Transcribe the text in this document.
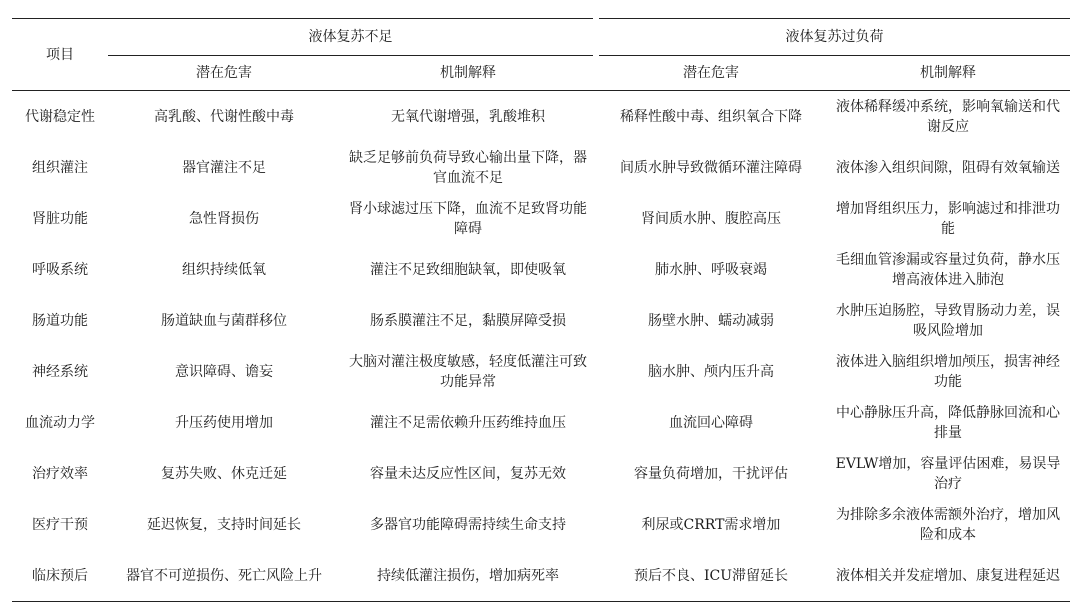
项目	液体复苏不足		液体复苏过负荷	
	潜在危害	机制解释	潜在危害	机制解释
代谢稳定性	高乳酸、代谢性酸中毒	无氧代谢增强，乳酸堆积	稀释性酸中毒、组织氧合下降	液体稀释缓冲系统，影响氧输送和代谢反应
组织灌注	器官灌注不足	缺乏足够前负荷导致心输出量下降，器官血流不足	间质水肿导致微循环灌注障碍	液体渗入组织间隙，阻碍有效氧输送
肾脏功能	急性肾损伤	肾小球滤过压下降，血流不足致肾功能障碍	肾间质水肿、腹腔高压	增加肾组织压力，影响滤过和排泄功能
呼吸系统	组织持续低氧	灌注不足致细胞缺氧，即使吸氧	肺水肿、呼吸衰竭	毛细血管渗漏或容量过负荷，静水压增高液体进入肺泡
肠道功能	肠道缺血与菌群移位	肠系膜灌注不足，黏膜屏障受损	肠壁水肿、蠕动减弱	水肿压迫肠腔，导致胃肠动力差，误吸风险增加
神经系统	意识障碍、谵妄	大脑对灌注极度敏感，轻度低灌注可致功能异常	脑水肿、颅内压升高	液体进入脑组织增加颅压，损害神经功能
血流动力学	升压药使用增加	灌注不足需依赖升压药维持血压	血流回心障碍	中心静脉压升高，降低静脉回流和心排量
治疗效率	复苏失败、休克迁延	容量未达反应性区间，复苏无效	容量负荷增加，干扰评估	EVLW增加，容量评估困难，易误导治疗
医疗干预	延迟恢复，支持时间延长	多器官功能障碍需持续生命支持	利尿或CRRT需求增加	为排除多余液体需额外治疗，增加风险和成本
临床预后	器官不可逆损伤、死亡风险上升	持续低灌注损伤，增加病死率	预后不良、ICU滞留延长	液体相关并发症增加、康复进程延迟
